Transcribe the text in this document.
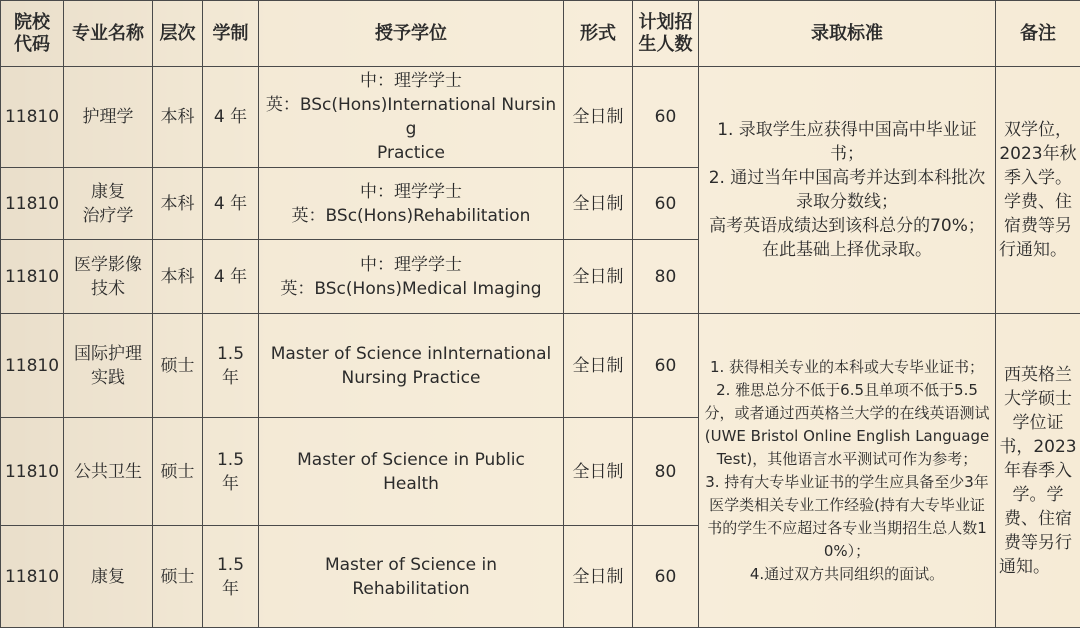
院校
代码	专业名称	层次	学制	授予学位	形式	计划招
生人数	录取标准	备注
11810	护理学	本科	4 年	中：理学学士
英：BSc(Hons)International Nursing
Practice	全日制	60	1. 录取学生应获得中国高中毕业证书；
2. 通过当年中国高考并达到本科批次录取分数线；
高考英语成绩达到该科总分的70%；
在此基础上择优录取。	双学位，2023年秋季入学。学费、住宿费等另行通知。
11810	康复
治疗学	本科	4 年	中：理学学士
英：BSc(Hons)Rehabilitation	全日制	60		
11810	医学影像
技术	本科	4 年	中：理学学士
英：BSc(Hons)Medical Imaging	全日制	80		
11810	国际护理
实践	硕士	1.5 年	Master of Science inInternational
Nursing Practice	全日制	60	1. 获得相关专业的本科或大专毕业证书；
2. 雅思总分不低于6.5且单项不低于5.5分，或者通过西英格兰大学的在线英语测试(UWE Bristol Online English Language Test)，其他语言水平测试可作为参考；
3. 持有大专毕业证书的学生应具备至少3年医学类相关专业工作经验(持有大专毕业证书的学生不应超过各专业当期招生总人数10%）；
4.通过双方共同组织的面试。	西英格兰大学硕士学位证书，2023年春季入学。学费、住宿费等另行通知。
11810	公共卫生	硕士	1.5 年	Master of Science in Public
Health	全日制	80		
11810	康复	硕士	1.5 年	Master of Science in
Rehabilitation	全日制	60		
